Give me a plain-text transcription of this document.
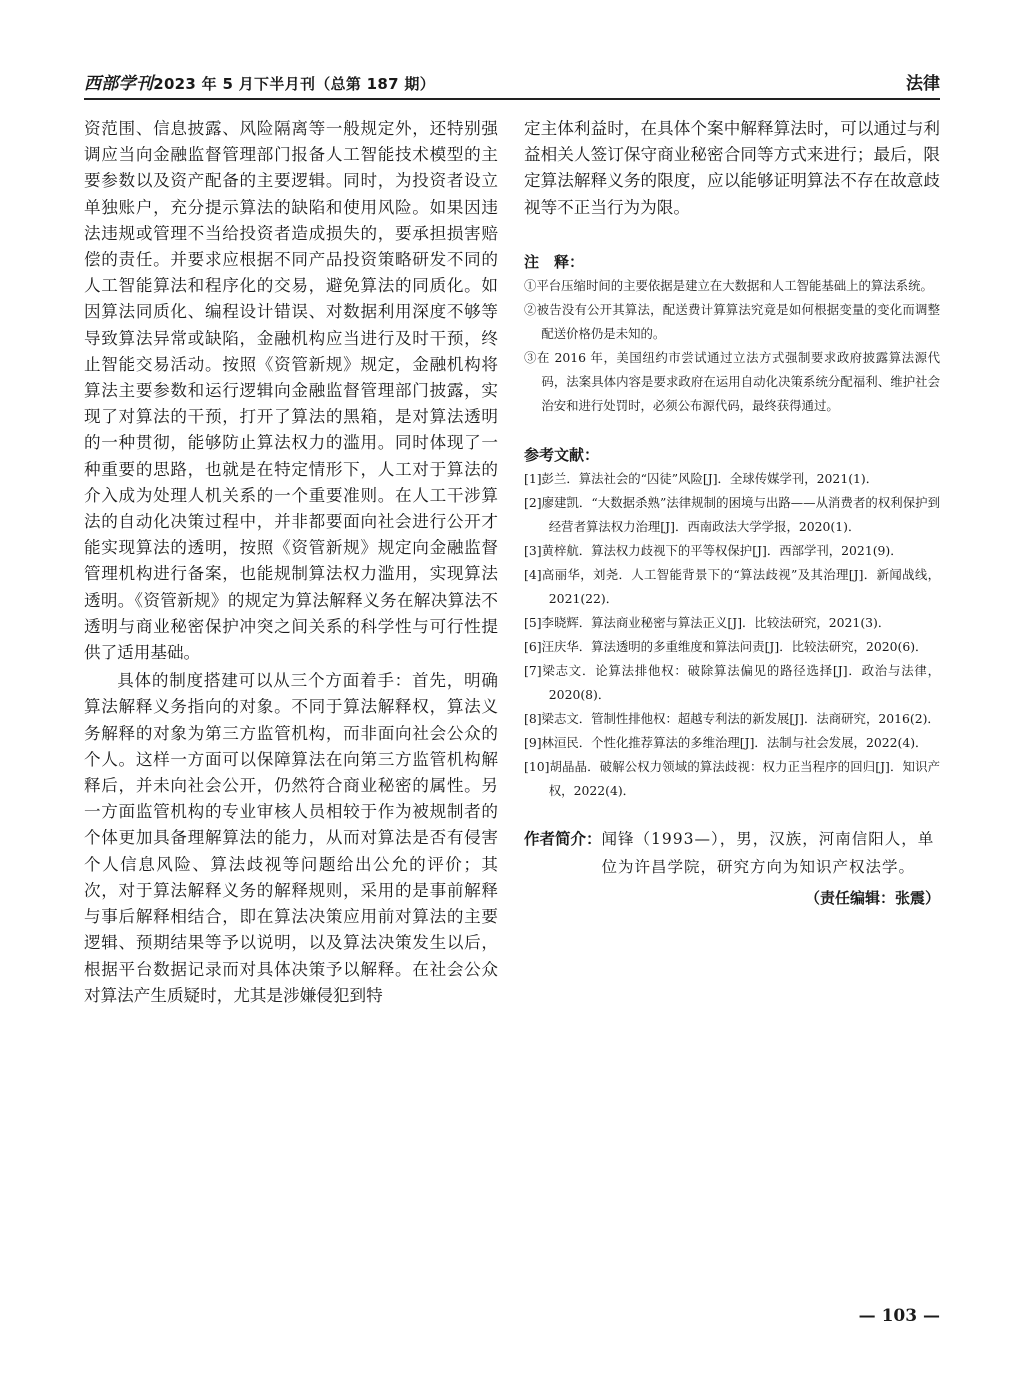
西部学刊2023 年 5 月下半月刊（总第 187 期）	法律

资范围、信息披露、风险隔离等一般规定外，还特别强调应当向金融监督管理部门报备人工智能技术模型的主要参数以及资产配备的主要逻辑。同时，为投资者设立单独账户，充分提示算法的缺陷和使用风险。如果因违法违规或管理不当给投资者造成损失的，要承担损害赔偿的责任。并要求应根据不同产品投资策略研发不同的人工智能算法和程序化的交易，避免算法的同质化。如因算法同质化、编程设计错误、对数据利用深度不够等导致算法异常或缺陷，金融机构应当进行及时干预，终止智能交易活动。按照《资管新规》规定，金融机构将算法主要参数和运行逻辑向金融监督管理部门披露，实现了对算法的干预，打开了算法的黑箱，是对算法透明的一种贯彻，能够防止算法权力的滥用。同时体现了一种重要的思路，也就是在特定情形下，人工对于算法的介入成为处理人机关系的一个重要准则。在人工干涉算法的自动化决策过程中，并非都要面向社会进行公开才能实现算法的透明，按照《资管新规》规定向金融监督管理机构进行备案，也能规制算法权力滥用，实现算法透明。《资管新规》的规定为算法解释义务在解决算法不透明与商业秘密保护冲突之间关系的科学性与可行性提供了适用基础。

具体的制度搭建可以从三个方面着手：首先，明确算法解释义务指向的对象。不同于算法解释权，算法义务解释的对象为第三方监管机构，而非面向社会公众的个人。这样一方面可以保障算法在向第三方监管机构解释后，并未向社会公开，仍然符合商业秘密的属性。另一方面监管机构的专业审核人员相较于作为被规制者的个体更加具备理解算法的能力，从而对算法是否有侵害个人信息风险、算法歧视等问题给出公允的评价；其次，对于算法解释义务的解释规则，采用的是事前解释与事后解释相结合，即在算法决策应用前对算法的主要逻辑、预期结果等予以说明，以及算法决策发生以后，根据平台数据记录而对具体决策予以解释。在社会公众对算法产生质疑时，尤其是涉嫌侵犯到特

定主体利益时，在具体个案中解释算法时，可以通过与利益相关人签订保守商业秘密合同等方式来进行；最后，限定算法解释义务的限度，应以能够证明算法不存在故意歧视等不正当行为为限。

注　释：

①平台压缩时间的主要依据是建立在大数据和人工智能基础上的算法系统。
②被告没有公开其算法，配送费计算算法究竟是如何根据变量的变化而调整配送价格仍是未知的。
③在 2016 年，美国纽约市尝试通过立法方式强制要求政府披露算法源代码，法案具体内容是要求政府在运用自动化决策系统分配福利、维护社会治安和进行处罚时，必须公布源代码，最终获得通过。

参考文献：

[1]彭兰．算法社会的“囚徒”风险[J]．全球传媒学刊，2021(1)．
[2]廖建凯．“大数据杀熟”法律规制的困境与出路——从消费者的权利保护到经营者算法权力治理[J]．西南政法大学学报，2020(1)．
[3]黄梓航．算法权力歧视下的平等权保护[J]．西部学刊，2021(9)．
[4]高丽华，刘尧．人工智能背景下的“算法歧视”及其治理[J]．新闻战线，2021(22)．
[5]李晓辉．算法商业秘密与算法正义[J]．比较法研究，2021(3)．
[6]汪庆华．算法透明的多重维度和算法问责[J]．比较法研究，2020(6)．
[7]梁志文．论算法排他权：破除算法偏见的路径选择[J]．政治与法律，2020(8)．
[8]梁志文．管制性排他权：超越专利法的新发展[J]．法商研究，2016(2)．
[9]林洹民．个性化推荐算法的多维治理[J]．法制与社会发展，2022(4)．
[10]胡晶晶．破解公权力领域的算法歧视：权力正当程序的回归[J]．知识产权，2022(4)．
作者简介： 闻锋（1993—），男，汉族，河南信阳人，单位为许昌学院，研究方向为知识产权法学。
（责任编辑：张震）
— 103 —
